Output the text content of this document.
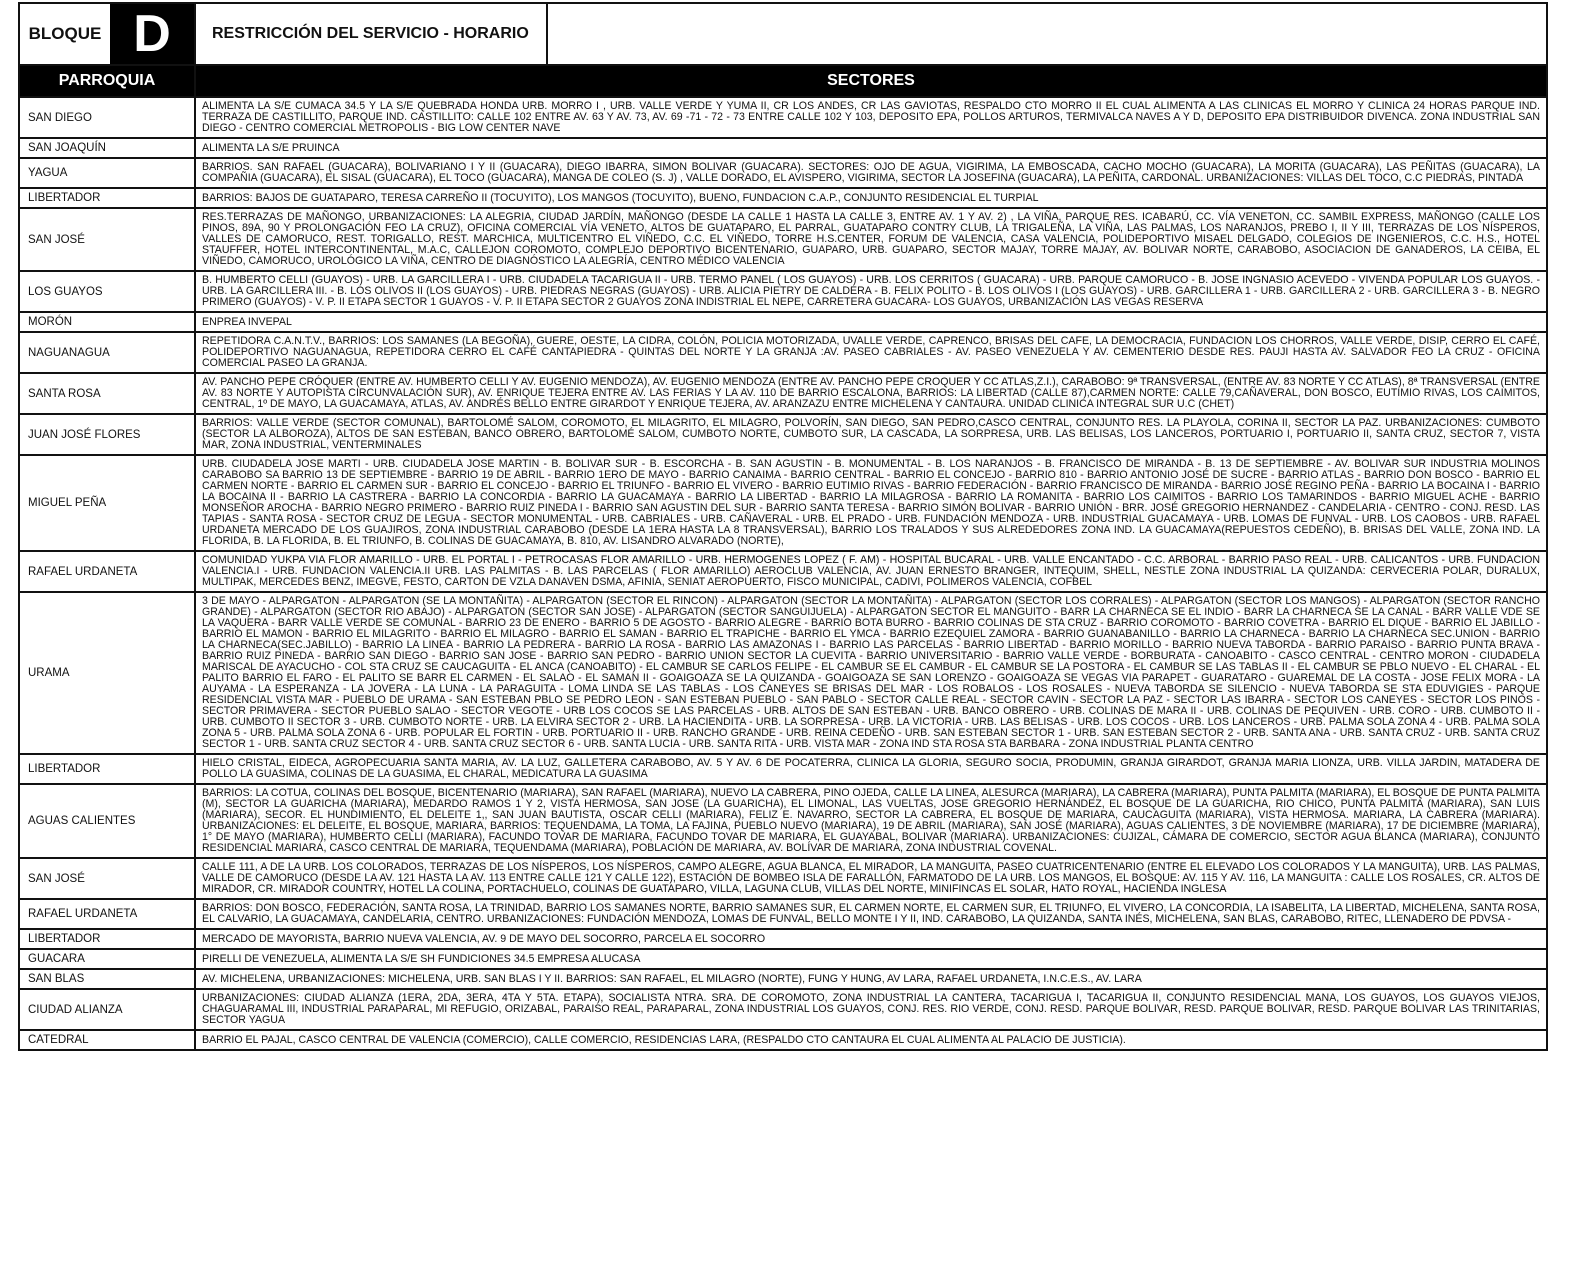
BLOQUE D	RESTRICCIÓN DEL SERVICIO - HORARIO
PARROQUIA	SECTORES
SAN DIEGO	ALIMENTA LA S/E CUMACA 34.5 Y LA S/E QUEBRADA HONDA URB. MORRO I , URB. VALLE VERDE Y YUMA II, CR LOS ANDES, CR LAS GAVIOTAS, RESPALDO CTO MORRO II EL CUAL ALIMENTA A LAS CLINICAS EL MORRO Y CLINICA 24 HORAS PARQUE IND. TERRAZA DE CASTILLITO, PARQUE IND. CASTILLITO: CALLE 102 ENTRE AV. 63 Y AV. 73, AV. 69 -71 - 72 - 73 ENTRE CALLE 102 Y 103, DEPOSITO EPA, POLLOS ARTUROS, TERMIVALCA NAVES A Y D, DEPOSITO EPA DISTRIBUIDOR DIVENCA. ZONA INDUSTRIAL SAN DIEGO - CENTRO COMERCIAL METROPOLIS - BIG LOW CENTER NAVE
SAN JOAQUÍN	ALIMENTA LA S/E PRUINCA
YAGUA	BARRIOS. SAN RAFAEL (GUACARA), BOLIVARIANO I Y II (GUACARA), DIEGO IBARRA, SIMON BOLIVAR (GUACARA). SECTORES: OJO DE AGUA, VIGIRIMA, LA EMBOSCADA, CACHO MOCHO (GUACARA), LA MORITA (GUACARA), LAS PEÑITAS (GUACARA), LA COMPAÑIA (GUACARA), EL SISAL (GUACARA), EL TOCO (GUACARA), MANGA DE COLEO (S. J) , VALLE DORADO, EL AVISPERO, VIGIRIMA, SECTOR LA JOSEFINA (GUACARA), LA PEÑITA, CARDONAL. URBANIZACIONES: VILLAS DEL TOCO, C.C PIEDRAS, PINTADA
LIBERTADOR	BARRIOS: BAJOS DE GUATAPARO, TERESA CARREÑO II (TOCUYITO), LOS MANGOS (TOCUYITO), BUENO, FUNDACION C.A.P., CONJUNTO RESIDENCIAL EL TURPIAL
SAN JOSÉ	RES.TERRAZAS DE MAÑONGO, URBANIZACIONES: LA ALEGRIA, CIUDAD JARDÍN, MAÑONGO (DESDE LA CALLE 1 HASTA LA CALLE 3, ENTRE AV. 1 Y AV. 2) , LA VIÑA, PARQUE RES. ICABARÚ, CC. VÍA VENETON, CC. SAMBIL EXPRESS, MAÑONGO (CALLE LOS PINOS, 89A, 90 Y PROLONGACIÓN FEO LA CRUZ), OFICINA COMERCIAL VÍA VENETO, ALTOS DE GUATAPARO, EL PARRAL, GUATAPARO CONTRY CLUB, LA TRIGALEÑA, LA VIÑA, LAS PALMAS, LOS NARANJOS, PREBO I, II Y III, TERRAZAS DE LOS NÍSPEROS, VALLES DE CAMORUCO, REST. TORIGALLO, REST. MARCHICA, MULTICENTRO EL VIÑEDO, C.C. EL VIÑEDO, TORRE H.S.CENTER, FORUM DE VALENCIA, CASA VALENCIA, POLIDEPORTIVO MISAEL DELGADO, COLEGIOS DE INGENIEROS, C.C. H.S., HOTEL STAUFFER, HOTEL INTERCONTINENTAL, M.A.C, CALLEJON COROMOTO, COMPLEJO DEPORTIVO BICENTENARIO, GUAPARO, URB. GUAPARO, SECTOR MAJAY, TORRE MAJAY, AV. BOLIVAR NORTE, CARABOBO, ASOCIACION DE GANADEROS, LA CEIBA, EL VIÑEDO, CAMORUCO, UROLÓGICO LA VIÑA, CENTRO DE DIAGNÓSTICO LA ALEGRÍA, CENTRO MÉDICO VALENCIA
LOS GUAYOS	B. HUMBERTO CELLI (GUAYOS) - URB. LA GARCILLERA I - URB. CIUDADELA TACARIGUA II - URB. TERMO PANEL ( LOS GUAYOS) - URB. LOS CERRITOS ( GUACARA) - URB. PARQUE CAMORUCO - B. JOSE INGNASIO ACEVEDO - VIVENDA POPULAR LOS GUAYOS. - URB. LA GARCILLERA III. - B. LOS OLIVOS II (LOS GUAYOS) - URB. PIEDRAS NEGRAS (GUAYOS) - URB. ALICIA PIETRY DE CALDERA - B. FELIX POLITO - B. LOS OLIVOS I (LOS GUAYOS) - URB. GARCILLERA 1 - URB. GARCILLERA 2 - URB. GARCILLERA 3 - B. NEGRO PRIMERO (GUAYOS) - V. P. II ETAPA SECTOR 1 GUAYOS - V. P. II ETAPA SECTOR 2 GUAYOS ZONA INDISTRIAL EL NEPE, CARRETERA GUACARA- LOS GUAYOS, URBANIZACIÓN LAS VEGAS RESERVA
MORÓN	ENPREA INVEPAL
NAGUANAGUA	REPETIDORA C.A.N.T.V., BARRIOS: LOS SAMANES (LA BEGOÑA), GUERE, OESTE, LA CIDRA, COLÓN, POLICIA MOTORIZADA, UVALLE VERDE, CAPRENCO, BRISAS DEL CAFE, LA DEMOCRACIA, FUNDACION LOS CHORROS, VALLE VERDE, DISIP, CERRO EL CAFÉ, POLIDEPORTIVO NAGUANAGUA, REPETIDORA CERRO EL CAFÉ CANTAPIEDRA - QUINTAS DEL NORTE Y LA GRANJA :AV. PASEO CABRIALES - AV. PASEO VENEZUELA Y AV. CEMENTERIO DESDE RES. PAUJI HASTA AV. SALVADOR FEO LA CRUZ - OFICINA COMERCIAL PASEO LA GRANJA.
SANTA ROSA	AV. PANCHO PEPE CRÓQUER (ENTRE AV. HUMBERTO CELLI Y AV. EUGENIO MENDOZA), AV. EUGENIO MENDOZA (ENTRE AV. PANCHO PEPE CROQUER Y CC ATLAS,Z.I.), CARABOBO: 9ª TRANSVERSAL, (ENTRE AV. 83 NORTE Y CC ATLAS), 8ª TRANSVERSAL (ENTRE AV. 83 NORTE Y AUTOPISTA CIRCUNVALACIÓN SUR), AV. ENRIQUE TEJERA ENTRE AV. LAS FERIAS Y LA AV. 110 DE BARRIO ESCALONA, BARRIOS: LA LIBERTAD (CALLE 87),CARMEN NORTE: CALLE 79,CAÑAVERAL, DON BOSCO, EUTIMIO RIVAS, LOS CAIMITOS, CENTRAL, 1º DE MAYO, LA GUACAMAYA, ATLAS, AV. ANDRÉS BELLO ENTRE GIRARDOT Y ENRIQUE TEJERA, AV. ARANZAZU ENTRE MICHELENA Y CANTAURA. UNIDAD CLINICA INTEGRAL SUR U.C (CHET)
JUAN JOSÉ FLORES	BARRIOS: VALLE VERDE (SECTOR COMUNAL), BARTOLOMÉ SALOM, COROMOTO, EL MILAGRITO, EL MILAGRO, POLVORÍN, SAN DIEGO, SAN PEDRO,CASCO CENTRAL, CONJUNTO RES. LA PLAYOLA, CORINA II, SECTOR LA PAZ. URBANIZACIONES: CUMBOTO (SECTOR LA ALBOROZA), ALTOS DE SAN ESTEBAN, BANCO OBRERO, BARTOLOMÉ SALOM, CUMBOTO NORTE, CUMBOTO SUR, LA CASCADA, LA SORPRESA, URB. LAS BELISAS, LOS LANCEROS, PORTUARIO I, PORTUARIO II, SANTA CRUZ, SECTOR 7, VISTA MAR, ZONA INDUSTRIAL, VENTERMINALES
MIGUEL PEÑA	URB. CIUDADELA JOSE MARTI - URB. CIUDADELA JOSE MARTIN - B. BOLIVAR SUR - B. ESCORCHA - B. SAN AGUSTIN - B. MONUMENTAL - B. LOS NARANJOS - B. FRANCISCO DE MIRANDA - B. 13 DE SEPTIEMBRE - AV. BOLIVAR SUR INDUSTRIA MOLINOS CARABOBO SA BARRIO 13 DE SEPTIEMBRE - BARRIO 19 DE ABRIL - BARRIO 1ERO DE MAYO - BARRIO CANAIMA - BARRIO CENTRAL - BARRIO EL CONCEJO - BARRIO 810 - BARRIO ANTONIO JOSÉ DE SUCRE - BARRIO ATLAS - BARRIO DON BOSCO - BARRIO EL CARMEN NORTE - BARRIO EL CARMEN SUR - BARRIO EL CONCEJO - BARRIO EL TRIUNFO - BARRIO EL VIVERO - BARRIO EUTIMIO RIVAS - BARRIO FEDERACIÓN - BARRIO FRANCISCO DE MIRANDA - BARRIO JOSÉ REGINO PEÑA - BARRIO LA BOCAINA I - BARRIO LA BOCAINA II - BARRIO LA CASTRERA - BARRIO LA CONCORDIA - BARRIO LA GUACAMAYA - BARRIO LA LIBERTAD - BARRIO LA MILAGROSA - BARRIO LA ROMANITA - BARRIO LOS CAIMITOS - BARRIO LOS TAMARINDOS - BARRIO MIGUEL ACHE - BARRIO MONSEÑOR AROCHA - BARRIO NEGRO PRIMERO - BARRIO RUIZ PINEDA I - BARRIO SAN AGUSTIN DEL SUR - BARRIO SANTA TERESA - BARRIO SIMÓN BOLIVAR - BARRIO UNIÓN - BRR. JOSÉ GREGORIO HERNANDEZ - CANDELARIA - CENTRO - CONJ. RESD. LAS TAPIAS - SANTA ROSA - SECTOR CRUZ DE LEGUA - SECTOR MONUMENTAL - URB. CABRIALES - URB. CAÑAVERAL - URB. EL PRADO - URB. FUNDACIÓN MENDOZA - URB. INDUSTRIAL GUACAMAYA - URB. LOMAS DE FUNVAL - URB. LOS CAOBOS - URB. RAFAEL URDANETA MERCADO DE LOS GUAJIROS, ZONA INDUSTRIAL CARABOBO (DESDE LA 1ERA HASTA LA 8 TRANSVERSAL), BARRIO LOS TRALADOS Y SUS ALREDEDORES ZONA IND. LA GUACAMAYA(REPUESTOS CEDEÑO), B. BRISAS DEL VALLE, ZONA IND. LA FLORIDA, B. LA FLORIDA, B. EL TRIUNFO, B. COLINAS DE GUACAMAYA, B. 810, AV. LISANDRO ALVARADO (NORTE),
RAFAEL URDANETA	COMUNIDAD YUKPA VIA FLOR AMARILLO - URB. EL PORTAL I - PETROCASAS FLOR AMARILLO - URB. HERMOGENES LOPEZ ( F. AM) - HOSPITAL BUCARAL - URB. VALLE ENCANTADO - C.C. ARBORAL - BARRIO PASO REAL - URB. CALICANTOS - URB. FUNDACION VALENCIA.I - URB. FUNDACION VALENCIA.II URB. LAS PALMITAS - B. LAS PARCELAS ( FLOR AMARILLO) AEROCLUB VALENCIA, AV. JUAN ERNESTO BRANGER, INTEQUIM, SHELL, NESTLE ZONA INDUSTRIAL LA QUIZANDA: CERVECERIA POLAR, DURALUX, MULTIPAK, MERCEDES BENZ, IMEGVE, FESTO, CARTON DE VZLA DANAVEN DSMA, AFINIA, SENIAT AEROPUERTO, FISCO MUNICIPAL, CADIVI, POLIMEROS VALENCIA, COFBEL
URAMA	3 DE MAYO - ALPARGATON - ALPARGATON (SE LA MONTAÑITA) - ALPARGATON (SECTOR EL RINCON) - ALPARGATON (SECTOR LA MONTAÑITA) - ALPARGATON (SECTOR LOS CORRALES) - ALPARGATON (SECTOR LOS MANGOS) - ALPARGATON (SECTOR RANCHO GRANDE) - ALPARGATON (SECTOR RIO ABAJO) - ALPARGATON (SECTOR SAN JOSE) - ALPARGATON (SECTOR SANGUIJUELA) - ALPARGATON SECTOR EL MANGUITO - BARR LA CHARNECA SE EL INDIO - BARR LA CHARNECA SE LA CANAL - BARR VALLE VDE SE LA VAQUERA - BARR VALLE VERDE SE COMUNAL - BARRIO 23 DE ENERO - BARRIO 5 DE AGOSTO - BARRIO ALEGRE - BARRIO BOTA BURRO - BARRIO COLINAS DE STA CRUZ - BARRIO COROMOTO - BARRIO COVETRA - BARRIO EL DIQUE - BARRIO EL JABILLO - BARRIO EL MAMON - BARRIO EL MILAGRITO - BARRIO EL MILAGRO - BARRIO EL SAMAN - BARRIO EL TRAPICHE - BARRIO EL YMCA - BARRIO EZEQUIEL ZAMORA - BARRIO GUANABANILLO - BARRIO LA CHARNECA - BARRIO LA CHARNECA SEC.UNION - BARRIO LA CHARNECA(SEC.JABILLO) - BARRIO LA LINEA - BARRIO LA PEDRERA - BARRIO LA ROSA - BARRIO LAS AMAZONAS I - BARRIO LAS PARCELAS - BARRIO LIBERTAD - BARRIO MORILLO - BARRIO NUEVA TABORDA - BARRIO PARAISO - BARRIO PUNTA BRAVA - BARRIO RUIZ PINEDA - BARRIO SAN DIEGO - BARRIO SAN JOSE - BARRIO SAN PEDRO - BARRIO UNION SECTOR LA CUEVITA - BARRIO UNIVERSITARIO - BARRIO VALLE VERDE - BORBURATA - CANOABITO - CASCO CENTRAL - CENTRO MORON - CIUDADELA MARISCAL DE AYACUCHO - COL STA CRUZ SE CAUCAGUITA - EL ANCA (CANOABITO) - EL CAMBUR SE CARLOS FELIPE - EL CAMBUR SE EL CAMBUR - EL CAMBUR SE LA POSTORA - EL CAMBUR SE LAS TABLAS II - EL CAMBUR SE PBLO NUEVO - EL CHARAL - EL PALITO BARRIO EL FARO - EL PALITO SE BARR EL CARMEN - EL SALAO - EL SAMAN II - GOAIGOAZA SE LA QUIZANDA - GOAIGOAZA SE SAN LORENZO - GOAIGOAZA SE VEGAS VIA PARAPET - GUARATARO - GUAREMAL DE LA COSTA - JOSE FELIX MORA - LA AUYAMA - LA ESPERANZA - LA JOVERA - LA LUNA - LA PARAGUITA - LOMA LINDA SE LAS TABLAS - LOS CANEYES SE BRISAS DEL MAR - LOS ROBALOS - LOS ROSALES - NUEVA TABORDA SE SILENCIO - NUEVA TABORDA SE STA EDUVIGIES - PARQUE RESIDENCIAL VISTA MAR - PUEBLO DE URAMA - SAN ESTEBAN PBLO SE PEDRO LEON - SAN ESTEBAN PUEBLO - SAN PABLO - SECTOR CALLE REAL - SECTOR CAVIN - SECTOR LA PAZ - SECTOR LAS IBARRA - SECTOR LOS CANEYES - SECTOR LOS PINOS - SECTOR PRIMAVERA - SECTOR PUEBLO SALAO - SECTOR VEGOTE - URB LOS COCOS SE LAS PARCELAS - URB. ALTOS DE SAN ESTEBAN - URB. BANCO OBRERO - URB. COLINAS DE MARA II - URB. COLINAS DE PEQUIVEN - URB. CORO - URB. CUMBOTO II - URB. CUMBOTO II SECTOR 3 - URB. CUMBOTO NORTE - URB. LA ELVIRA SECTOR 2 - URB. LA HACIENDITA - URB. LA SORPRESA - URB. LA VICTORIA - URB. LAS BELISAS - URB. LOS COCOS - URB. LOS LANCEROS - URB. PALMA SOLA ZONA 4 - URB. PALMA SOLA ZONA 5 - URB. PALMA SOLA ZONA 6 - URB. POPULAR EL FORTIN - URB. PORTUARIO II - URB. RANCHO GRANDE - URB. REINA CEDEÑO - URB. SAN ESTEBAN SECTOR 1 - URB. SAN ESTEBAN SECTOR 2 - URB. SANTA ANA - URB. SANTA CRUZ - URB. SANTA CRUZ SECTOR 1 - URB. SANTA CRUZ SECTOR 4 - URB. SANTA CRUZ SECTOR 6 - URB. SANTA LUCIA - URB. SANTA RITA - URB. VISTA MAR - ZONA IND STA ROSA STA BARBARA - ZONA INDUSTRIAL PLANTA CENTRO
LIBERTADOR	HIELO CRISTAL, EIDECA, AGROPECUARIA SANTA MARIA, AV. LA LUZ, GALLETERA CARABOBO, AV. 5 Y AV. 6 DE POCATERRA, CLINICA LA GLORIA, SEGURO SOCIA, PRODUMIN, GRANJA GIRARDOT, GRANJA MARIA LIONZA, URB. VILLA JARDIN, MATADERA DE POLLO LA GUASIMA, COLINAS DE LA GUASIMA, EL CHARAL, MEDICATURA LA GUASIMA
AGUAS CALIENTES	BARRIOS: LA COTUA, COLINAS DEL BOSQUE, BICENTENARIO (MARIARA), SAN RAFAEL (MARIARA), NUEVO LA CABRERA, PINO OJEDA, CALLE LA LINEA, ALESURCA (MARIARA), LA CABRERA (MARIARA), PUNTA PALMITA (MARIARA), EL BOSQUE DE PUNTA PALMITA (M), SECTOR LA GUARICHA (MARIARA), MEDARDO RAMOS 1 Y 2, VISTA HERMOSA, SAN JOSE (LA GUARICHA), EL LIMONAL, LAS VUELTAS, JOSE GREGORIO HERNÁNDEZ, EL BOSQUE DE LA GUARICHA, RIO CHICO, PUNTA PALMITA (MARIARA), SAN LUIS (MARIARA), SECOR. EL HUNDIMIENTO, EL DELEITE 1,, SAN JUAN BAUTISTA, OSCAR CELLI (MARIARA), FELIZ E. NAVARRO, SECTOR LA CABRERA, EL BOSQUE DE MARIARA, CAUCAGUITA (MARIARA), VISTA HERMOSA. MARIARA, LA CABRERA (MARIARA). URBANIZACIONES: EL DELEITE, EL BOSQUE, MARIARA, BARRIOS: TEQUENDAMA, LA TOMA, LA FAJINA, PUEBLO NUEVO (MARIARA), 19 DE ABRIL (MARIARA), SAN JOSÉ (MARIARA), AGUAS CALIENTES, 3 DE NOVIEMBRE (MARIARA), 17 DE DICIEMBRE (MARIARA), 1° DE MAYO (MARIARA), HUMBERTO CELLI (MARIARA), FACUNDO TOVAR DE MARIARA, FACUNDO TOVAR DE MARIARA, EL GUAYABAL, BOLIVAR (MARIARA). URBANIZACIONES: CUJIZAL, CÁMARA DE COMERCIO, SECTOR AGUA BLANCA (MARIARA), CONJUNTO RESIDENCIAL MARIARA, CASCO CENTRAL DE MARIARA, TEQUENDAMA (MARIARA), POBLACIÓN DE MARIARA, AV. BOLÍVAR DE MARIARA, ZONA INDUSTRIAL COVENAL.
SAN JOSÉ	CALLE 111, A DE LA URB. LOS COLORADOS, TERRAZAS DE LOS NÍSPEROS, LOS NÍSPEROS, CAMPO ALEGRE, AGUA BLANCA, EL MIRADOR, LA MANGUITA, PASEO CUATRICENTENARIO (ENTRE EL ELEVADO LOS COLORADOS Y LA MANGUITA), URB. LAS PALMAS, VALLE DE CAMORUCO (DESDE LA AV. 121 HASTA LA AV. 113 ENTRE CALLE 121 Y CALLE 122), ESTACIÓN DE BOMBEO ISLA DE FARALLÓN, FARMATODO DE LA URB. LOS MANGOS, EL BOSQUE: AV. 115 Y AV. 116, LA MANGUITA : CALLE LOS ROSALES, CR. ALTOS DE MIRADOR, CR. MIRADOR COUNTRY, HOTEL LA COLINA, PORTACHUELO, COLINAS DE GUATAPARO, VILLA, LAGUNA CLUB, VILLAS DEL NORTE, MINIFINCAS EL SOLAR, HATO ROYAL, HACIENDA INGLESA
RAFAEL URDANETA	BARRIOS: DON BOSCO, FEDERACIÓN, SANTA ROSA, LA TRINIDAD, BARRIO LOS SAMANES NORTE, BARRIO SAMANES SUR, EL CARMEN NORTE, EL CARMEN SUR, EL TRIUNFO, EL VIVERO, LA CONCORDIA, LA ISABELITA, LA LIBERTAD, MICHELENA, SANTA ROSA, EL CALVARIO, LA GUACAMAYA, CANDELARIA, CENTRO. URBANIZACIONES: FUNDACIÓN MENDOZA, LOMAS DE FUNVAL, BELLO MONTE I Y II, IND. CARABOBO, LA QUIZANDA, SANTA INÉS, MICHELENA, SAN BLAS, CARABOBO, RITEC, LLENADERO DE PDVSA -
LIBERTADOR	MERCADO DE MAYORISTA, BARRIO NUEVA VALENCIA, AV. 9 DE MAYO DEL SOCORRO, PARCELA EL SOCORRO
GUACARA	PIRELLI DE VENEZUELA, ALIMENTA LA S/E SH FUNDICIONES 34.5 EMPRESA ALUCASA
SAN BLAS	AV. MICHELENA, URBANIZACIONES: MICHELENA, URB. SAN BLAS I Y II. BARRIOS: SAN RAFAEL, EL MILAGRO (NORTE), FUNG Y HUNG, AV LARA, RAFAEL URDANETA, I.N.C.E.S., AV. LARA
CIUDAD ALIANZA	URBANIZACIONES: CIUDAD ALIANZA (1ERA, 2DA, 3ERA, 4TA Y 5TA. ETAPA), SOCIALISTA NTRA. SRA. DE COROMOTO, ZONA INDUSTRIAL LA CANTERA, TACARIGUA I, TACARIGUA II, CONJUNTO RESIDENCIAL MANA, LOS GUAYOS, LOS GUAYOS VIEJOS, CHAGUARAMAL III, INDUSTRIAL PARAPARAL, MI REFUGIO, ORIZABAL, PARAISO REAL, PARAPARAL, ZONA INDUSTRIAL LOS GUAYOS, CONJ. RES. RIO VERDE, CONJ. RESD. PARQUE BOLIVAR, RESD. PARQUE BOLIVAR, RESD. PARQUE BOLIVAR LAS TRINITARIAS, SECTOR YAGUA
CATEDRAL	BARRIO EL PAJAL, CASCO CENTRAL DE VALENCIA (COMERCIO), CALLE COMERCIO, RESIDENCIAS LARA, (RESPALDO CTO CANTAURA EL CUAL ALIMENTA AL PALACIO DE JUSTICIA).
